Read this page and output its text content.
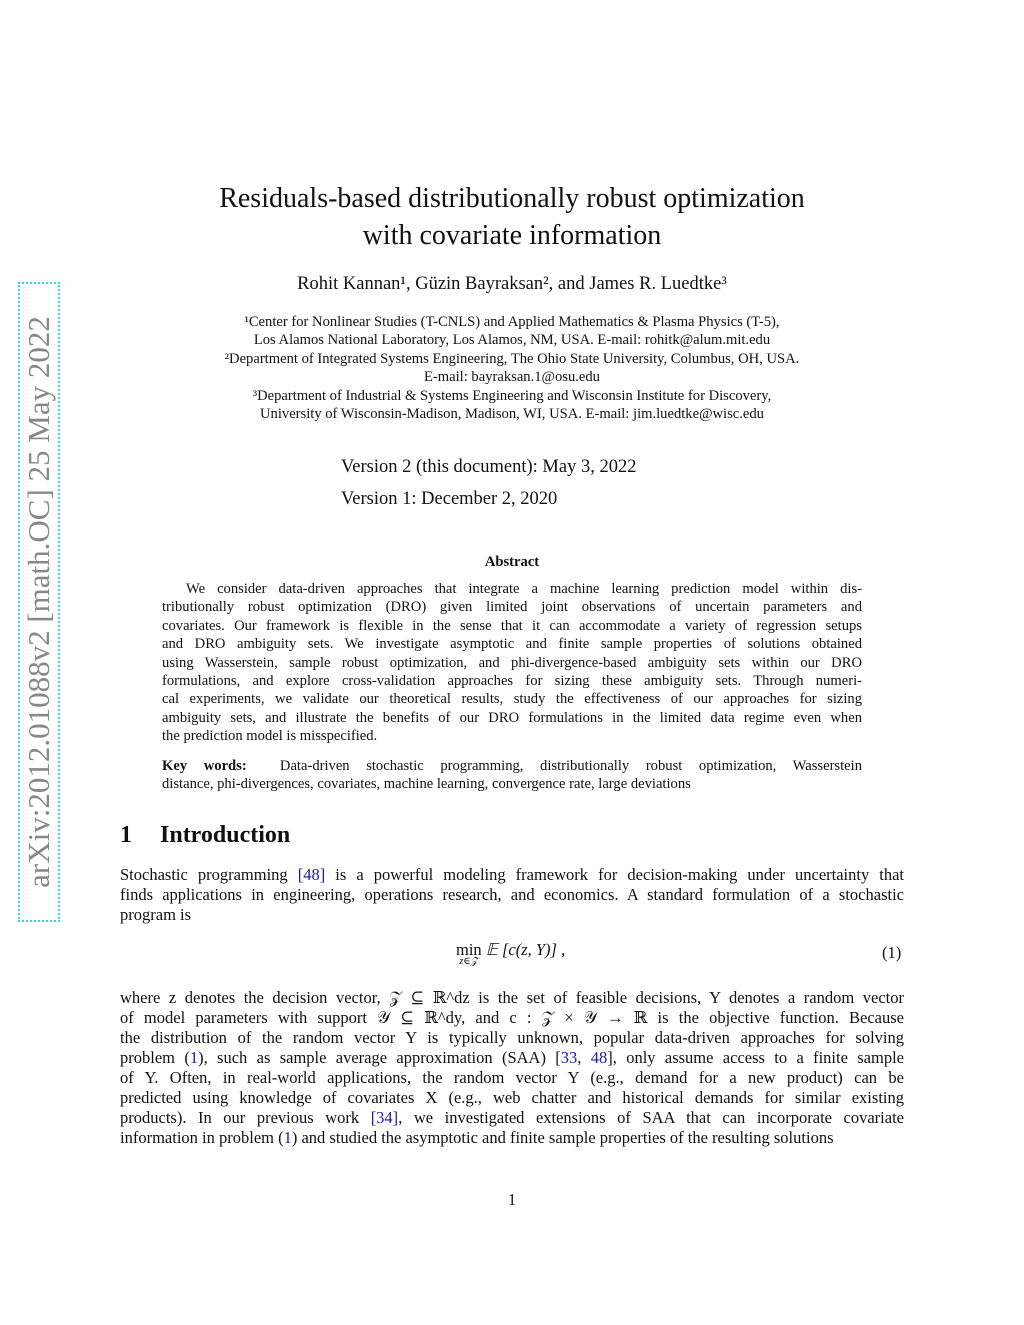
arXiv:2012.01088v2 [math.OC] 25 May 2022
Residuals-based distributionally robust optimization
with covariate information
Rohit Kannan¹, Güzin Bayraksan², and James R. Luedtke³
¹Center for Nonlinear Studies (T-CNLS) and Applied Mathematics & Plasma Physics (T-5),
Los Alamos National Laboratory, Los Alamos, NM, USA. E-mail: rohitk@alum.mit.edu
²Department of Integrated Systems Engineering, The Ohio State University, Columbus, OH, USA.
E-mail: bayraksan.1@osu.edu
³Department of Industrial & Systems Engineering and Wisconsin Institute for Discovery,
University of Wisconsin-Madison, Madison, WI, USA. E-mail: jim.luedtke@wisc.edu
Version 2 (this document): May 3, 2022
Version 1: December 2, 2020
Abstract
We consider data-driven approaches that integrate a machine learning prediction model within dis-
tributionally robust optimization (DRO) given limited joint observations of uncertain parameters and
covariates. Our framework is flexible in the sense that it can accommodate a variety of regression setups
and DRO ambiguity sets. We investigate asymptotic and finite sample properties of solutions obtained
using Wasserstein, sample robust optimization, and phi-divergence-based ambiguity sets within our DRO
formulations, and explore cross-validation approaches for sizing these ambiguity sets. Through numeri-
cal experiments, we validate our theoretical results, study the effectiveness of our approaches for sizing
ambiguity sets, and illustrate the benefits of our DRO formulations in the limited data regime even when
the prediction model is misspecified.
Key words: Data-driven stochastic programming, distributionally robust optimization, Wasserstein
distance, phi-divergences, covariates, machine learning, convergence rate, large deviations
1 Introduction
Stochastic programming [48] is a powerful modeling framework for decision-making under uncertainty that
finds applications in engineering, operations research, and economics. A standard formulation of a stochastic
program is
min

z∈𝒵
𝔼 [c(z, Y)] ,	(1)
where z denotes the decision vector, 𝒵 ⊆ ℝ^dz is the set of feasible decisions, Y denotes a random vector
of model parameters with support 𝒴 ⊆ ℝ^dy, and c : 𝒵 × 𝒴 → ℝ is the objective function. Because
the distribution of the random vector Y is typically unknown, popular data-driven approaches for solving
problem (1), such as sample average approximation (SAA) [33, 48], only assume access to a finite sample
of Y. Often, in real-world applications, the random vector Y (e.g., demand for a new product) can be
predicted using knowledge of covariates X (e.g., web chatter and historical demands for similar existing
products). In our previous work [34], we investigated extensions of SAA that can incorporate covariate
information in problem (1) and studied the asymptotic and finite sample properties of the resulting solutions
1
